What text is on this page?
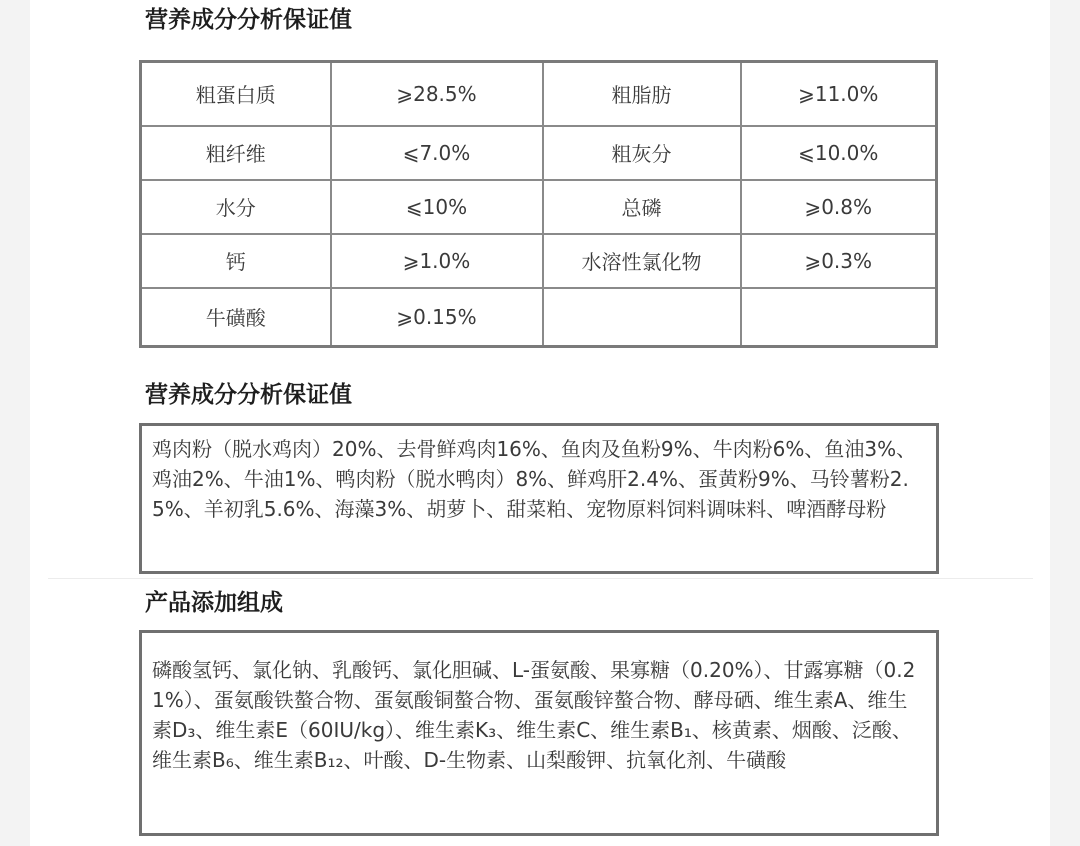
营养成分分析保证值
粗蛋白质	⩾28.5%	粗脂肪	⩾11.0%
粗纤维	⩽7.0%	粗灰分	⩽10.0%
水分	⩽10%	总磷	⩾0.8%
钙	⩾1.0%	水溶性氯化物	⩾0.3%
牛磺酸	⩾0.15%		
营养成分分析保证值
鸡肉粉（脱水鸡肉）20%、去骨鲜鸡肉16%、鱼肉及鱼粉9%、牛肉粉6%、鱼油3%、鸡油2%、牛油1%、鸭肉粉（脱水鸭肉）8%、鲜鸡肝2.4%、蛋黄粉9%、马铃薯粉2.5%、羊初乳5.6%、海藻3%、胡萝卜、甜菜粕、宠物原料饲料调味料、啤酒酵母粉
产品添加组成
磷酸氢钙、氯化钠、乳酸钙、氯化胆碱、L-蛋氨酸、果寡糖（0.20%）、甘露寡糖（0.21%）、蛋氨酸铁螯合物、蛋氨酸铜螯合物、蛋氨酸锌螯合物、酵母硒、维生素A、维生素D₃、维生素E（60IU/kg）、维生素K₃、维生素C、维生素B₁、核黄素、烟酸、泛酸、维生素B₆、维生素B₁₂、叶酸、D-生物素、山梨酸钾、抗氧化剂、牛磺酸
